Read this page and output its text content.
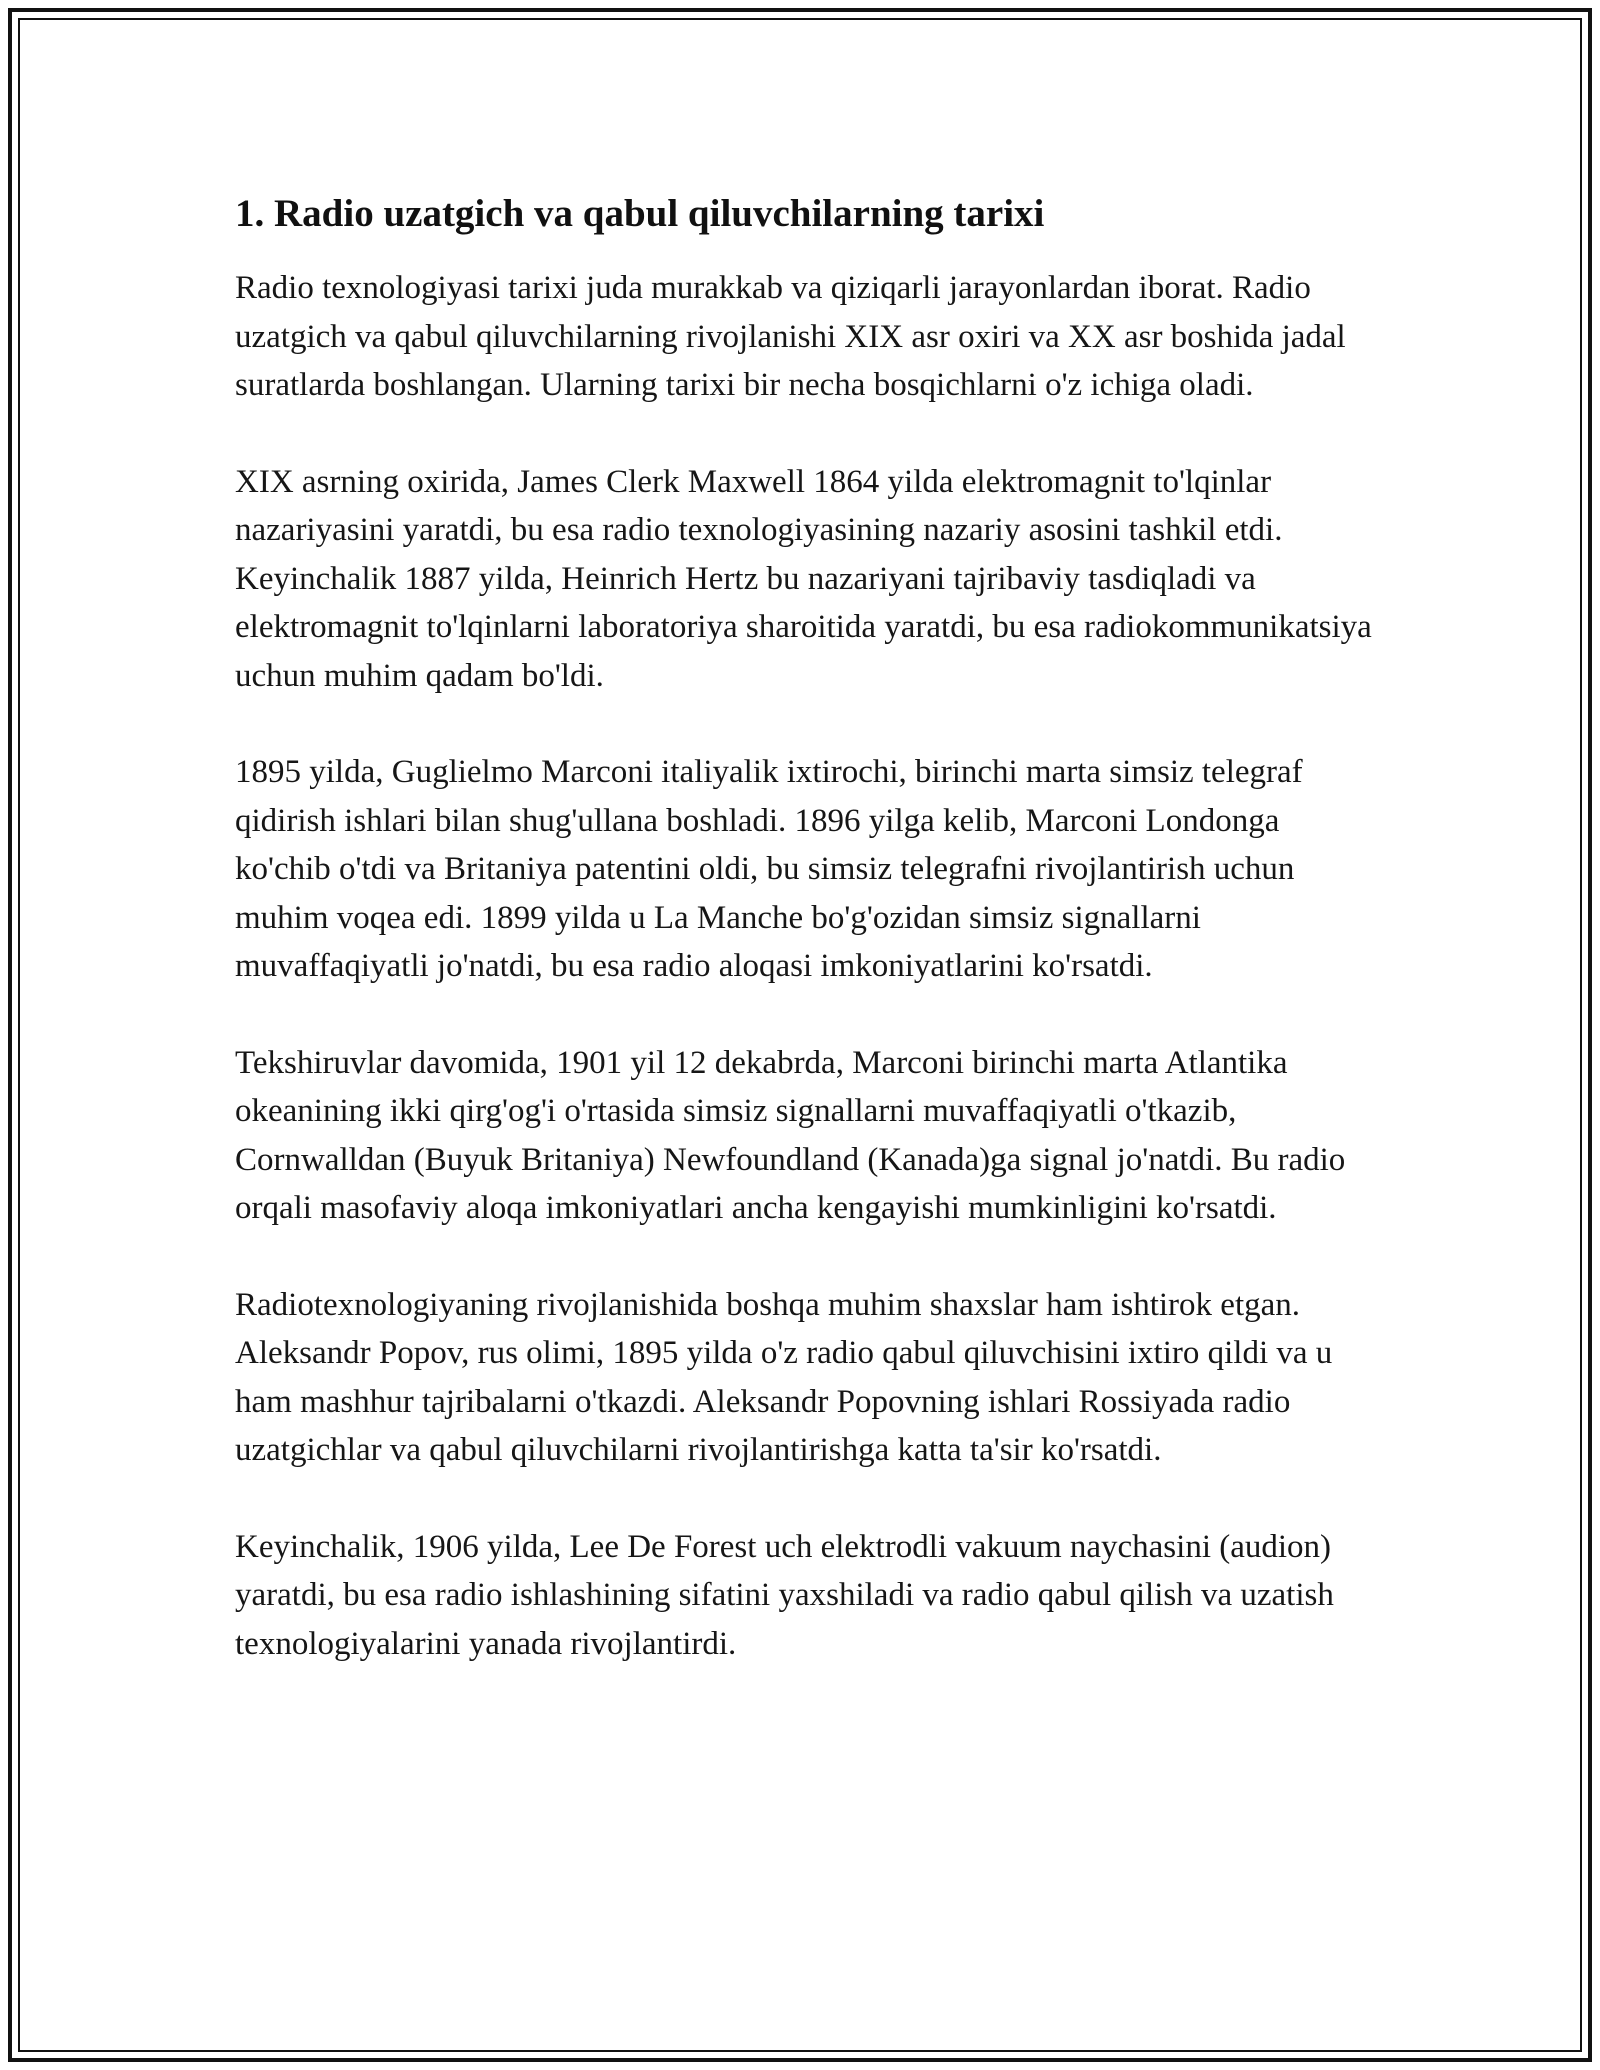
1. Radio uzatgich va qabul qiluvchilarning tarixi

Radio texnologiyasi tarixi juda murakkab va qiziqarli jarayonlardan iborat. Radio uzatgich va qabul qiluvchilarning rivojlanishi XIX asr oxiri va XX asr boshida jadal suratlarda boshlangan. Ularning tarixi bir necha bosqichlarni o'z ichiga oladi.

XIX asrning oxirida, James Clerk Maxwell 1864 yilda elektromagnit to'lqinlar nazariyasini yaratdi, bu esa radio texnologiyasining nazariy asosini tashkil etdi. Keyinchalik 1887 yilda, Heinrich Hertz bu nazariyani tajribaviy tasdiqladi va elektromagnit to'lqinlarni laboratoriya sharoitida yaratdi, bu esa radiokommunikatsiya uchun muhim qadam bo'ldi.

1895 yilda, Guglielmo Marconi italiyalik ixtirochi, birinchi marta simsiz telegraf qidirish ishlari bilan shug'ullana boshladi. 1896 yilga kelib, Marconi Londonga ko'chib o'tdi va Britaniya patentini oldi, bu simsiz telegrafni rivojlantirish uchun muhim voqea edi. 1899 yilda u La Manche bo'g'ozidan simsiz signallarni muvaffaqiyatli jo'natdi, bu esa radio aloqasi imkoniyatlarini ko'rsatdi.

Tekshiruvlar davomida, 1901 yil 12 dekabrda, Marconi birinchi marta Atlantika okeanining ikki qirg'og'i o'rtasida simsiz signallarni muvaffaqiyatli o'tkazib, Cornwalldan (Buyuk Britaniya) Newfoundland (Kanada)ga signal jo'natdi. Bu radio orqali masofaviy aloqa imkoniyatlari ancha kengayishi mumkinligini ko'rsatdi.

Radiotexnologiyaning rivojlanishida boshqa muhim shaxslar ham ishtirok etgan. Aleksandr Popov, rus olimi, 1895 yilda o'z radio qabul qiluvchisini ixtiro qildi va u ham mashhur tajribalarni o'tkazdi. Aleksandr Popovning ishlari Rossiyada radio uzatgichlar va qabul qiluvchilarni rivojlantirishga katta ta'sir ko'rsatdi.

Keyinchalik, 1906 yilda, Lee De Forest uch elektrodli vakuum naychasini (audion) yaratdi, bu esa radio ishlashining sifatini yaxshiladi va radio qabul qilish va uzatish texnologiyalarini yanada rivojlantirdi.
